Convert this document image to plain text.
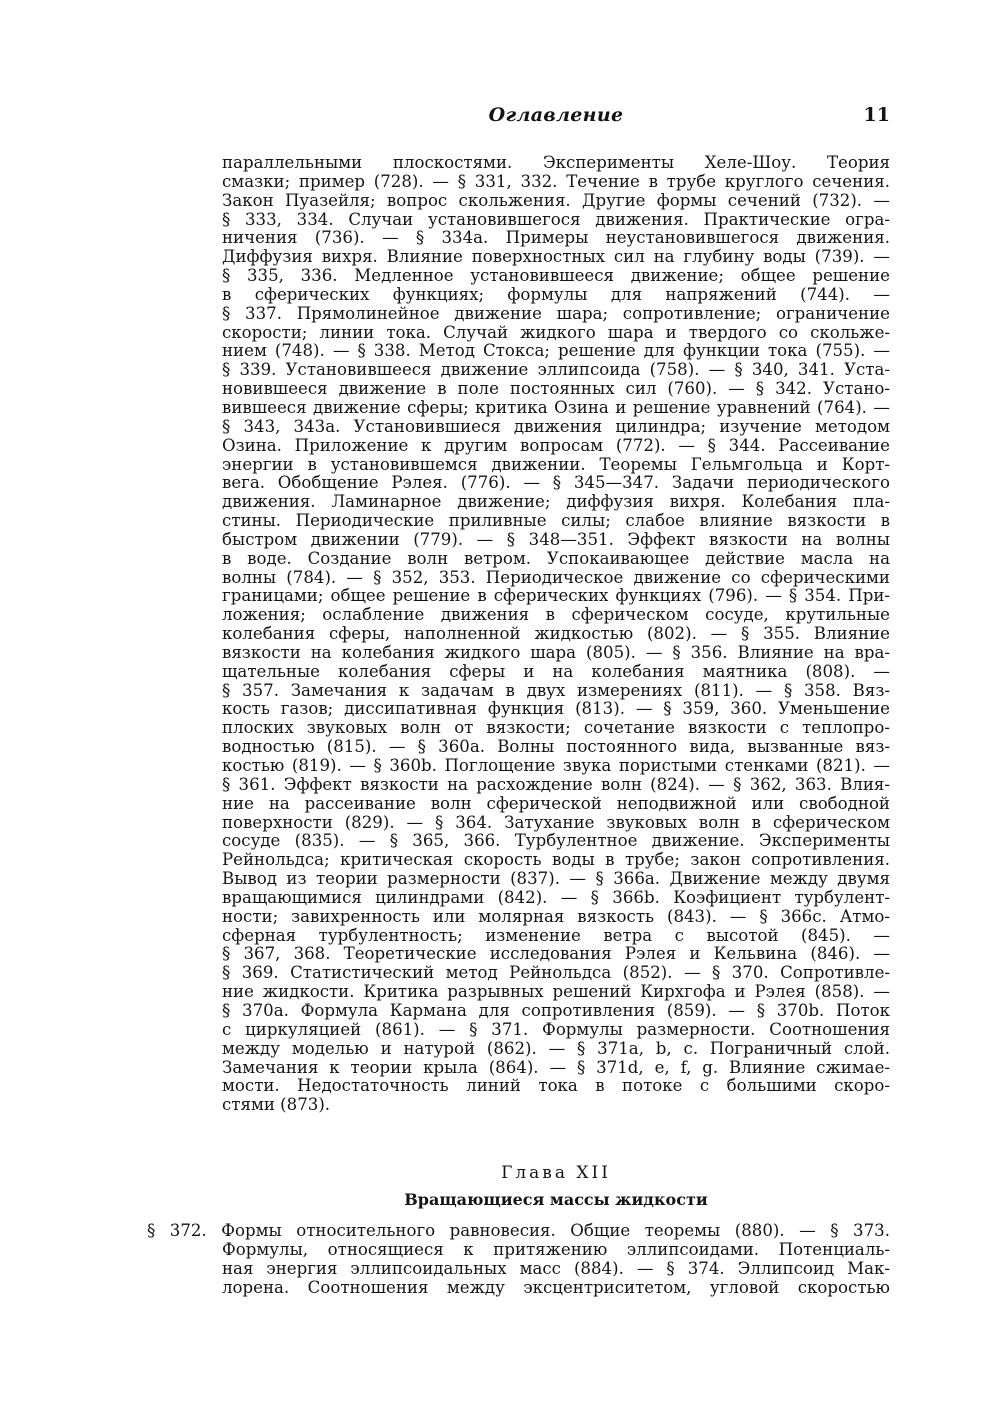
Оглавление	11
параллельными плоскостями. Эксперименты Хеле-Шоу. Теория
смазки; пример (728). — § 331, 332. Течение в трубе круглого сечения.
Закон Пуазейля; вопрос скольжения. Другие формы сечений (732). —
§ 333, 334. Случаи установившегося движения. Практические огра-
ничения (736). — § 334а. Примеры неустановившегося движения.
Диффузия вихря. Влияние поверхностных сил на глубину воды (739). —
§ 335, 336. Медленное установившееся движение; общее решение
в сферических функциях; формулы для напряжений (744). —
§ 337. Прямолинейное движение шара; сопротивление; ограничение
скорости; линии тока. Случай жидкого шара и твердого со скольже-
нием (748). — § 338. Метод Стокса; решение для функции тока (755). —
§ 339. Установившееся движение эллипсоида (758). — § 340, 341. Уста-
новившееся движение в поле постоянных сил (760). — § 342. Устано-
вившееся движение сферы; критика Озина и решение уравнений (764). —
§ 343, 343а. Установившиеся движения цилиндра; изучение методом
Озина. Приложение к другим вопросам (772). — § 344. Рассеивание
энергии в установившемся движении. Теоремы Гельмгольца и Корт-
вега. Обобщение Рэлея. (776). — § 345—347. Задачи периодического
движения. Ламинарное движение; диффузия вихря. Колебания пла-
стины. Периодические приливные силы; слабое влияние вязкости в
быстром движении (779). — § 348—351. Эффект вязкости на волны
в воде. Создание волн ветром. Успокаивающее действие масла на
волны (784). — § 352, 353. Периодическое движение со сферическими
границами; общее решение в сферических функциях (796). — § 354. При-
ложения; ослабление движения в сферическом сосуде, крутильные
колебания сферы, наполненной жидкостью (802). — § 355. Влияние
вязкости на колебания жидкого шара (805). — § 356. Влияние на вра-
щательные колебания сферы и на колебания маятника (808). —
§ 357. Замечания к задачам в двух измерениях (811). — § 358. Вяз-
кость газов; диссипативная функция (813). — § 359, 360. Уменьшение
плоских звуковых волн от вязкости; сочетание вязкости с теплопро-
водностью (815). — § 360а. Волны постоянного вида, вызванные вяз-
костью (819). — § 360b. Поглощение звука пористыми стенками (821). —
§ 361. Эффект вязкости на расхождение волн (824). — § 362, 363. Влия-
ние на рассеивание волн сферической неподвижной или свободной
поверхности (829). — § 364. Затухание звуковых волн в сферическом
сосуде (835). — § 365, 366. Турбулентное движение. Эксперименты
Рейнольдса; критическая скорость воды в трубе; закон сопротивления.
Вывод из теории размерности (837). — § 366а. Движение между двумя
вращающимися цилиндрами (842). — § 366b. Коэфициент турбулент-
ности; завихренность или молярная вязкость (843). — § 366c. Атмо-
сферная турбулентность; изменение ветра с высотой (845). —
§ 367, 368. Теоретические исследования Рэлея и Кельвина (846). —
§ 369. Статистический метод Рейнольдса (852). — § 370. Сопротивле-
ние жидкости. Критика разрывных решений Кирхгофа и Рэлея (858). —
§ 370а. Формула Кармана для сопротивления (859). — § 370b. Поток
с циркуляцией (861). — § 371. Формулы размерности. Соотношения
между моделью и натурой (862). — § 371а, b, c. Пограничный слой.
Замечания к теории крыла (864). — § 371d, e, f, g. Влияние сжимае-
мости. Недостаточность линий тока в потоке с большими скоро-
стями (873).
Глава XII
Вращающиеся массы жидкости
§ 372. Формы относительного равновесия. Общие теоремы (880). — § 373.
Формулы, относящиеся к притяжению эллипсоидами. Потенциаль-
ная энергия эллипсоидальных масс (884). — § 374. Эллипсоид Мак-
лорена. Соотношения между эксцентриситетом, угловой скоростью
